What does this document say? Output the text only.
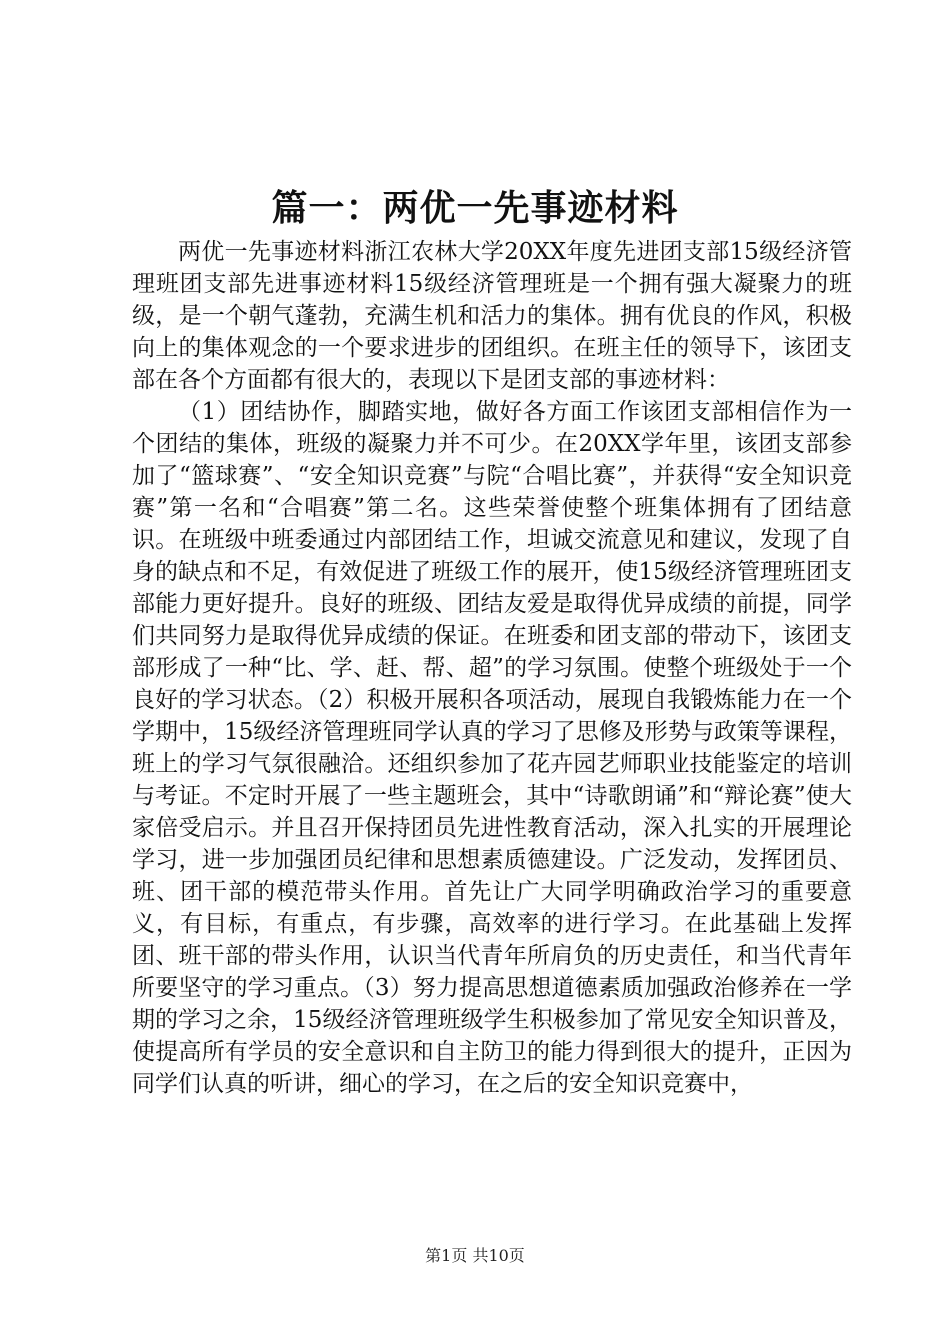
篇一：两优一先事迹材料

两优一先事迹材料浙江农林大学20XX年度先进团支部15级经济管理班团支部先进事迹材料15级经济管理班是一个拥有强大凝聚力的班级，是一个朝气蓬勃，充满生机和活力的集体。拥有优良的作风，积极向上的集体观念的一个要求进步的团组织。在班主任的领导下，该团支部在各个方面都有很大的，表现以下是团支部的事迹材料：

（1）团结协作，脚踏实地，做好各方面工作该团支部相信作为一个团结的集体，班级的凝聚力并不可少。在20XX学年里，该团支部参加了“篮球赛”、“安全知识竞赛”与院“合唱比赛”，并获得“安全知识竞赛”第一名和“合唱赛”第二名。这些荣誉使整个班集体拥有了团结意识。在班级中班委通过内部团结工作，坦诚交流意见和建议，发现了自身的缺点和不足，有效促进了班级工作的展开，使15级经济管理班团支部能力更好提升。良好的班级、团结友爱是取得优异成绩的前提，同学们共同努力是取得优异成绩的保证。在班委和团支部的带动下，该团支部形成了一种“比、学、赶、帮、超”的学习氛围。使整个班级处于一个良好的学习状态。（2）积极开展积各项活动，展现自我锻炼能力在一个学期中，15级经济管理班同学认真的学习了思修及形势与政策等课程，班上的学习气氛很融洽。还组织参加了花卉园艺师职业技能鉴定的培训与考证。不定时开展了一些主题班会，其中“诗歌朗诵”和“辩论赛”使大家倍受启示。并且召开保持团员先进性教育活动，深入扎实的开展理论学习，进一步加强团员纪律和思想素质德建设。广泛发动，发挥团员、班、团干部的模范带头作用。首先让广大同学明确政治学习的重要意义，有目标，有重点，有步骤，高效率的进行学习。在此基础上发挥团、班干部的带头作用，认识当代青年所肩负的历史责任，和当代青年所要坚守的学习重点。（3）努力提高思想道德素质加强政治修养在一学期的学习之余，15级经济管理班级学生积极参加了常见安全知识普及，使提高所有学员的安全意识和自主防卫的能力得到很大的提升，正因为同学们认真的听讲，细心的学习，在之后的安全知识竞赛中，

第1页 共10页
